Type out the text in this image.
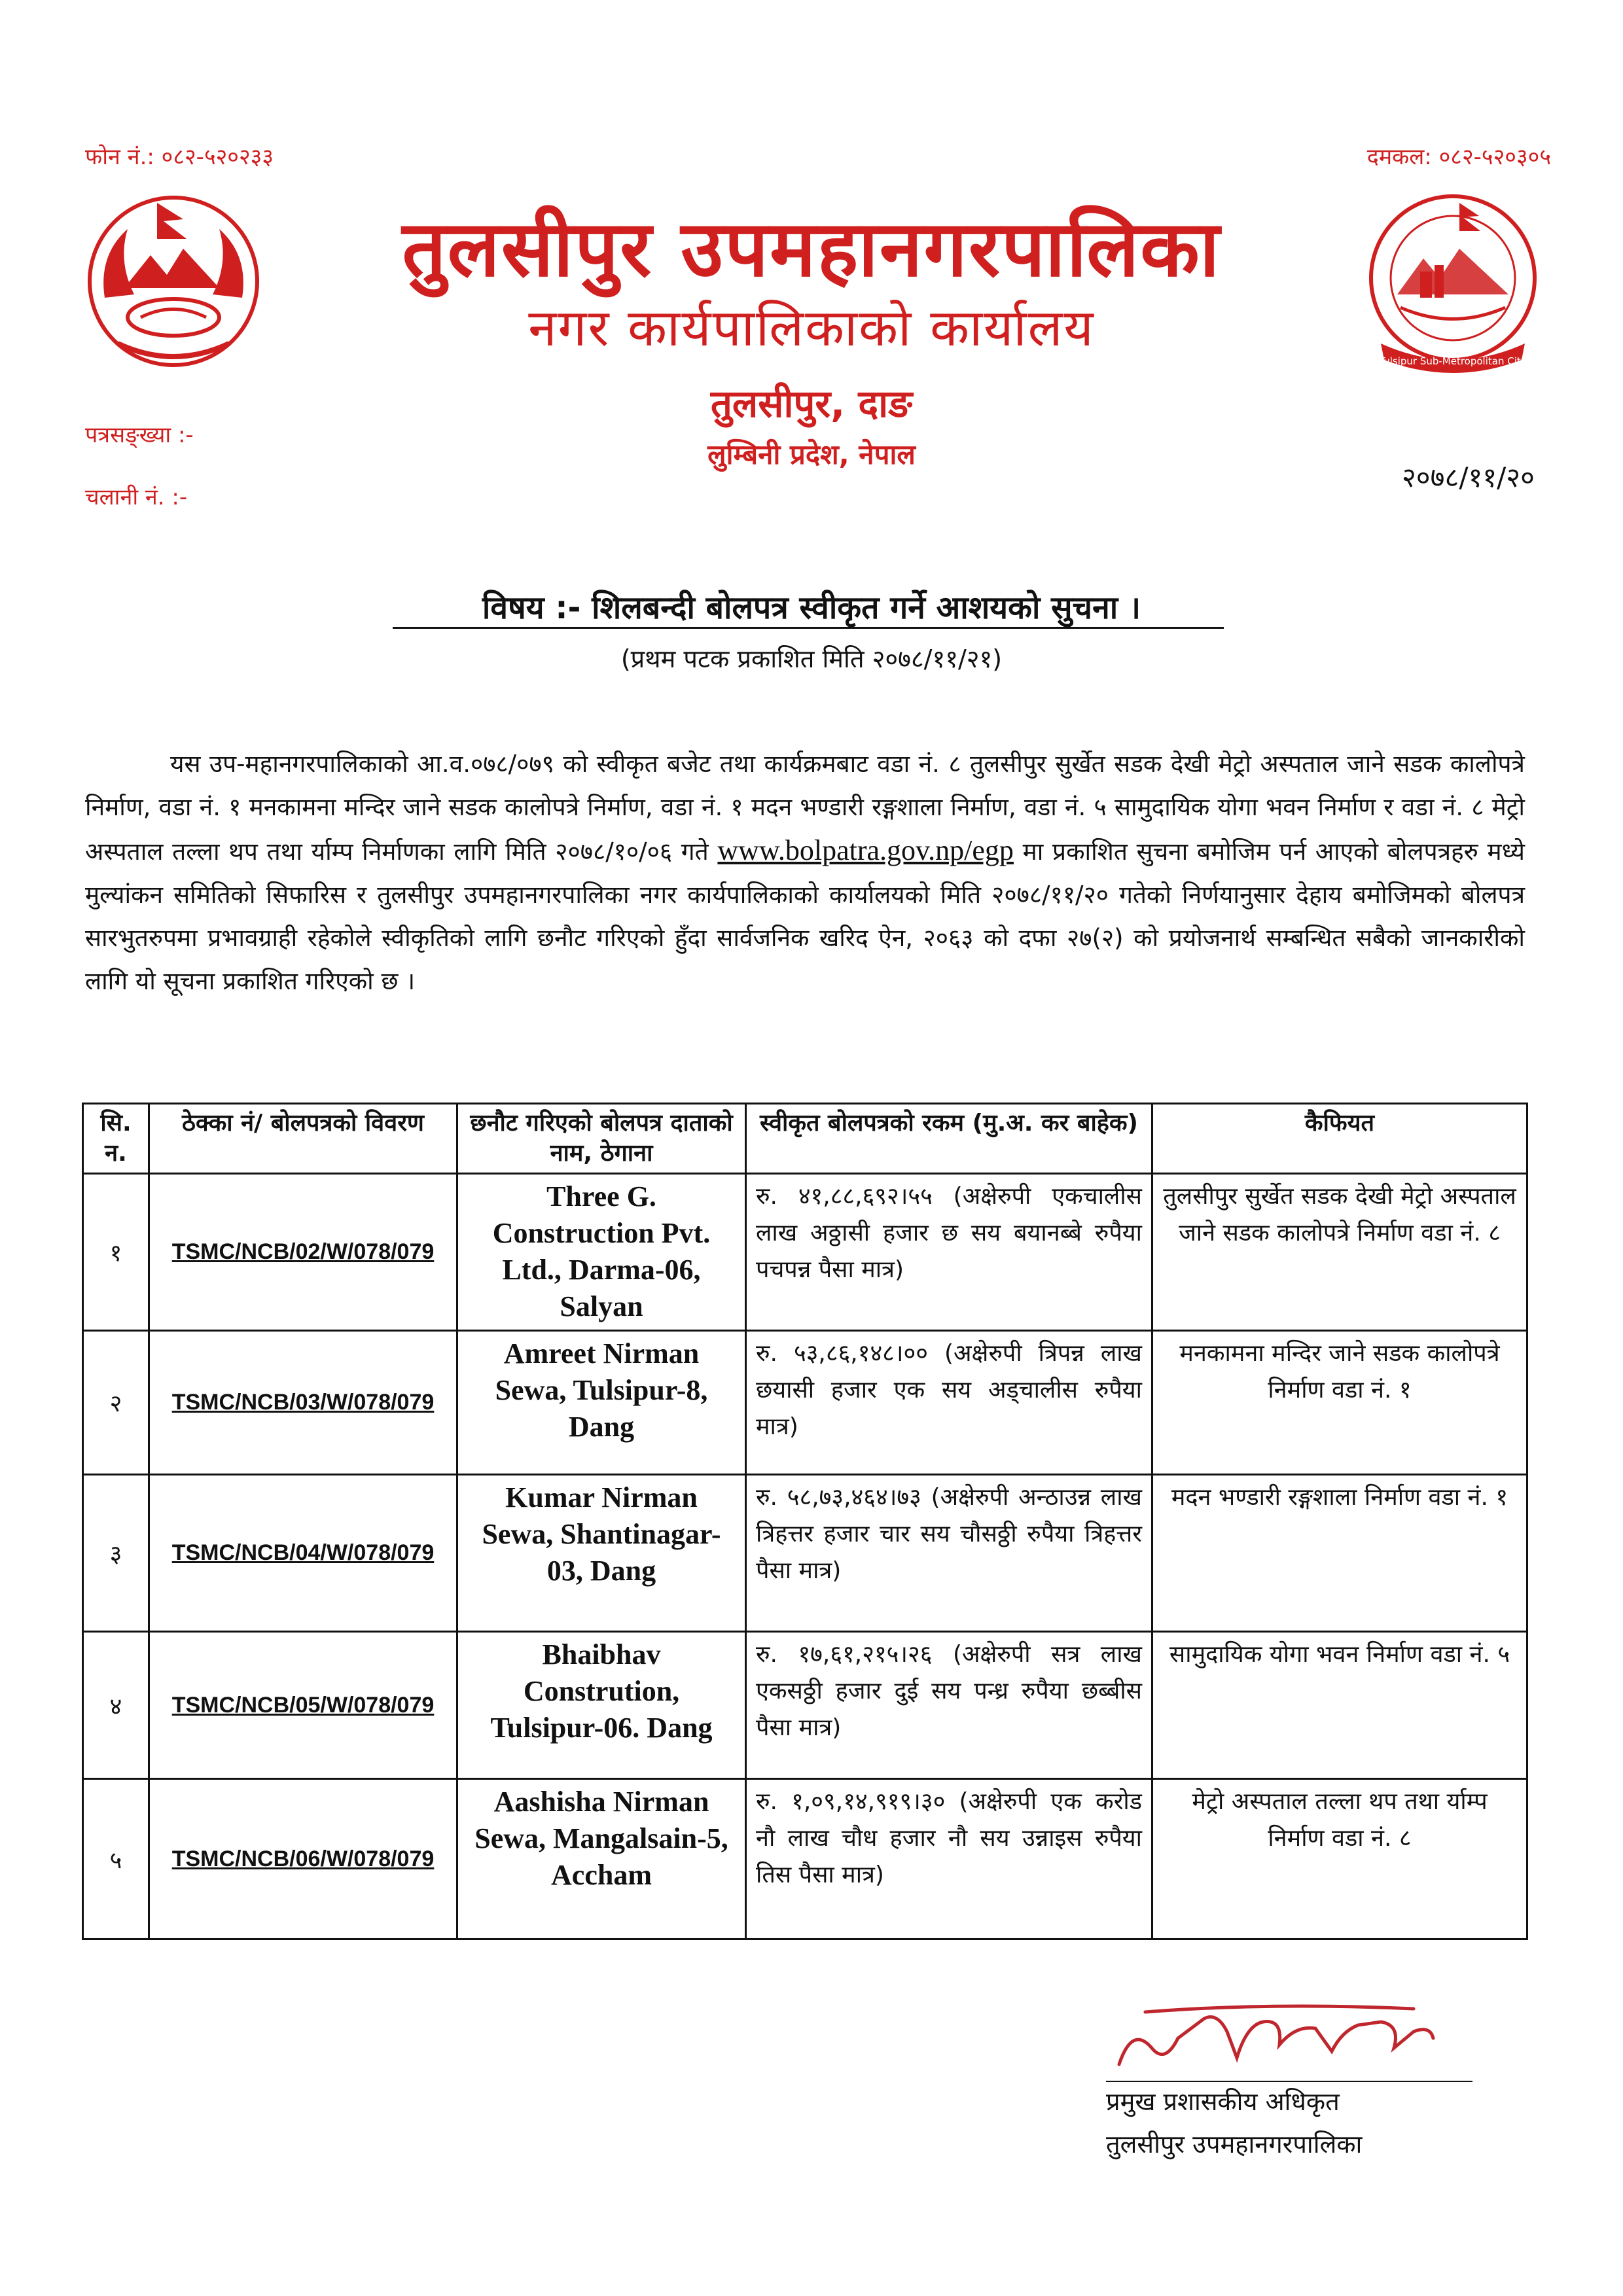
Tulsipur Sub-Metropolitan City
फोन नं.: ०८२-५२०२३३	दमकल: ०८२-५२०३०५
तुलसीपुर उपमहानगरपालिका
नगर कार्यपालिकाको कार्यालय
तुलसीपुर, दाङ
लुम्बिनी प्रदेश, नेपाल
पत्रसङ्ख्या :-
चलानी नं. :-
२०७८/११/२०
विषय :- शिलबन्दी बोलपत्र स्वीकृत गर्ने आशयको सुचना ।
(प्रथम पटक प्रकाशित मिति २०७८/११/२१)
यस उप-महानगरपालिकाको आ.व.०७८/०७९ को स्वीकृत बजेट तथा कार्यक्रमबाट वडा नं. ८ तुलसीपुर सुर्खेत सडक देखी मेट्रो अस्पताल जाने सडक कालोपत्रे निर्माण, वडा नं. १ मनकामना मन्दिर जाने सडक कालोपत्रे निर्माण, वडा नं. १ मदन भण्डारी रङ्गशाला निर्माण, वडा नं. ५ सामुदायिक योगा भवन निर्माण र वडा नं. ८ मेट्रो अस्पताल तल्ला थप तथा र्याम्प निर्माणका लागि मिति २०७८/१०/०६ गते www.bolpatra.gov.np/egp मा प्रकाशित सुचना बमोजिम पर्न आएको बोलपत्रहरु मध्ये मुल्यांकन समितिको सिफारिस र तुलसीपुर उपमहानगरपालिका नगर कार्यपालिकाको कार्यालयको मिति २०७८/११/२० गतेको निर्णयानुसार देहाय बमोजिमको बोलपत्र सारभुतरुपमा प्रभावग्राही रहेकोले स्वीकृतिको लागि छनौट गरिएको हुँदा सार्वजनिक खरिद ऐन, २०६३ को दफा २७(२) को प्रयोजनार्थ सम्बन्धित सबैको जानकारीको लागि यो सूचना प्रकाशित गरिएको छ ।
सि. न.	ठेक्का नं/ बोलपत्रको विवरण	छनौट गरिएको बोलपत्र दाताको नाम, ठेगाना	स्वीकृत बोलपत्रको रकम (मु.अ. कर बाहेक)	कैफियत
१	TSMC/NCB/02/W/078/079	Three G. Construction Pvt. Ltd., Darma-06, Salyan	रु. ४१,८८,६९२।५५ (अक्षेरुपी एकचालीस लाख अठ्ठासी हजार छ सय बयानब्बे रुपैया पचपन्न पैसा मात्र)	तुलसीपुर सुर्खेत सडक देखी मेट्रो अस्पताल जाने सडक कालोपत्रे निर्माण वडा नं. ८
२	TSMC/NCB/03/W/078/079	Amreet Nirman Sewa, Tulsipur-8, Dang	रु. ५३,८६,१४८।०० (अक्षेरुपी त्रिपन्न लाख छयासी हजार एक सय अड्चालीस रुपैया मात्र)	मनकामना मन्दिर जाने सडक कालोपत्रे निर्माण वडा नं. १
३	TSMC/NCB/04/W/078/079	Kumar Nirman Sewa, Shantinagar-03, Dang	रु. ५८,७३,४६४।७३ (अक्षेरुपी अन्ठाउन्न लाख त्रिहत्तर हजार चार सय चौसठ्ठी रुपैया त्रिहत्तर पैसा मात्र)	मदन भण्डारी रङ्गशाला निर्माण वडा नं. १
४	TSMC/NCB/05/W/078/079	Bhaibhav Constrution, Tulsipur-06. Dang	रु. १७,६१,२१५।२६ (अक्षेरुपी सत्र लाख एकसठ्ठी हजार दुई सय पन्ध्र रुपैया छब्बीस पैसा मात्र)	सामुदायिक योगा भवन निर्माण वडा नं. ५
५	TSMC/NCB/06/W/078/079	Aashisha Nirman Sewa, Mangalsain-5, Accham	रु. १,०९,१४,९१९।३० (अक्षेरुपी एक करोड नौ लाख चौध हजार नौ सय उन्नाइस रुपैया तिस पैसा मात्र)	मेट्रो अस्पताल तल्ला थप तथा र्याम्प निर्माण वडा नं. ८
प्रमुख प्रशासकीय अधिकृत
तुलसीपुर उपमहानगरपालिका
